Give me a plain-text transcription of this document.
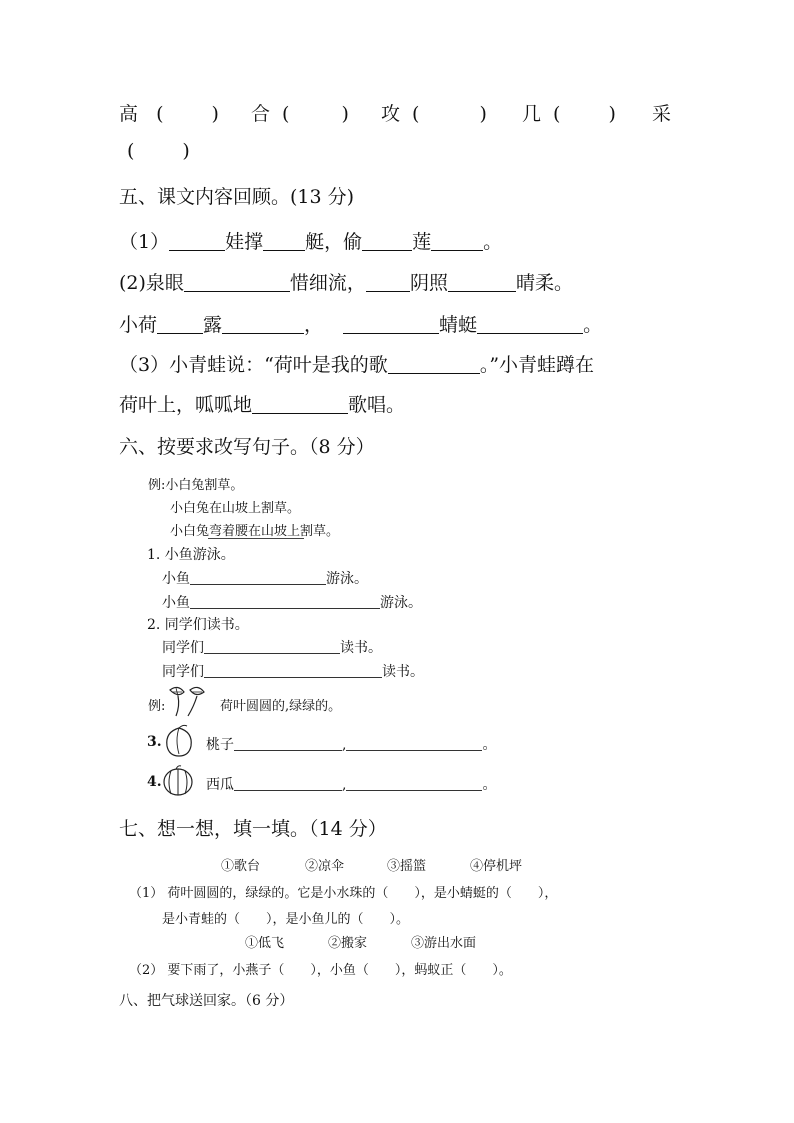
高 (	) 合 (	) 攻 (	) 几 (	) 采
(	)
五、课文内容回顾。(13 分)
（1）	娃撑 艇，偷	莲	。
(2)泉眼	惜细流， 阴照	晴柔。
小荷 露	，	蜻蜓	。
（3）小青蛙说：“荷叶是我的歌	。”小青蛙蹲在
荷叶上，呱呱地	歌唱。
六、按要求改写句子。（8 分）
例:小白兔割草。
小白兔在山坡上割草。
小白兔弯着腰在山坡上割草。
1. 小鱼游泳。
小鱼	游泳。
小鱼	游泳。
2. 同学们读书。
同学们	读书。
同学们	读书。
例:	荷叶圆圆的,绿绿的。
3.	桃子	,	。
4.	西瓜	,	。
七、想一想，填一填。（14 分）
①歌台	②凉伞	③摇篮	④停机坪
（1） 荷叶圆圆的，绿绿的。它是小水珠的（　　），是小蜻蜓的（　　），
是小青蛙的（　　），是小鱼儿的（　　）。
①低飞	②搬家	③游出水面
（2） 要下雨了，小燕子（　　），小鱼（　　），蚂蚁正（　　）。
八、把气球送回家。（6 分）
